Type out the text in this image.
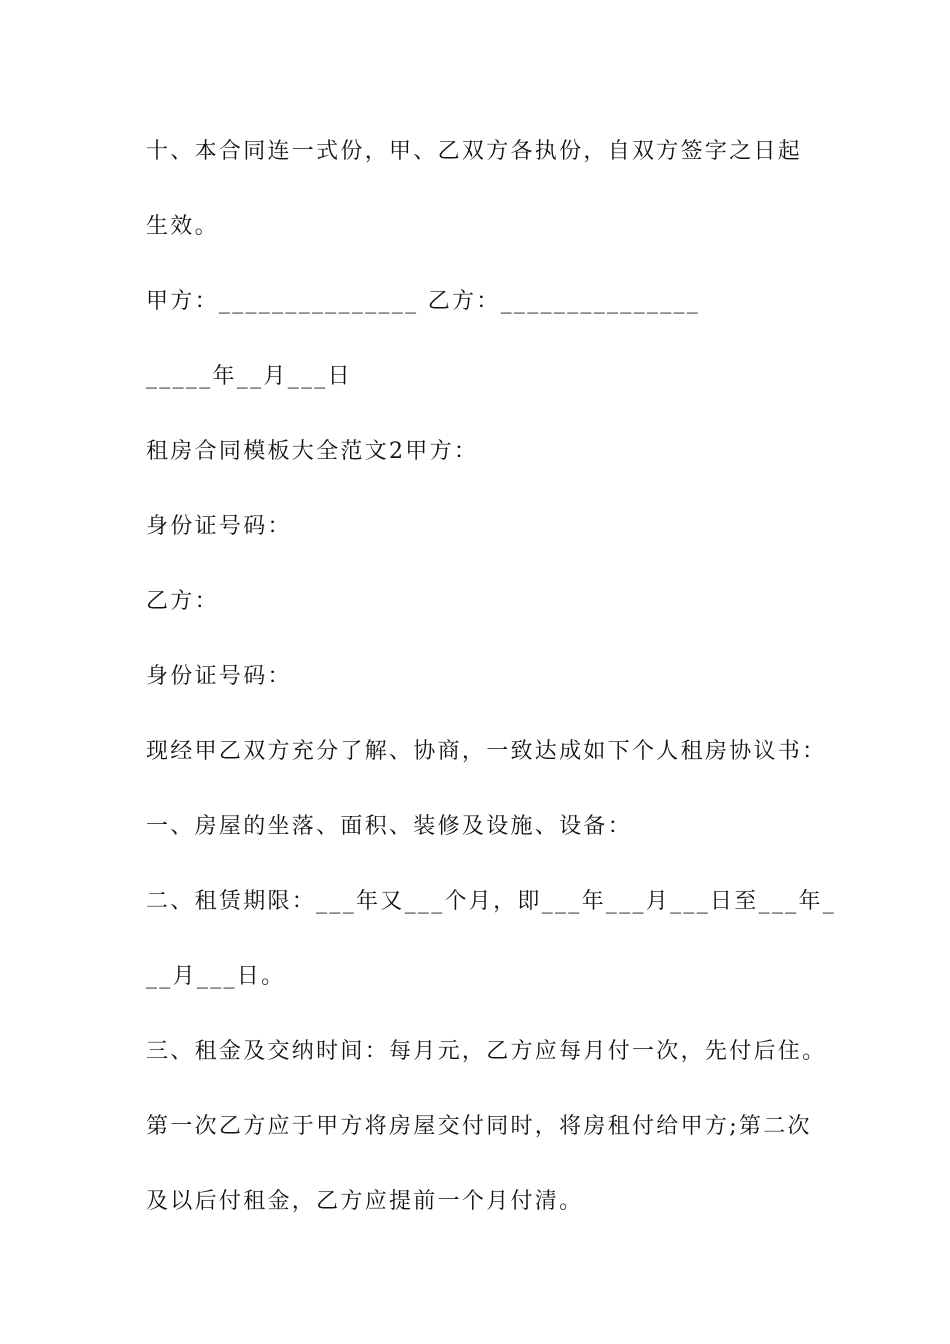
十、本合同连一式份，甲、乙双方各执份，自双方签字之日起
生效。
甲方：_______________ 乙方：_______________
_____年__月___日
租房合同模板大全范文2甲方：
身份证号码：
乙方：
身份证号码：
现经甲乙双方充分了解、协商，一致达成如下个人租房协议书：
一、房屋的坐落、面积、装修及设施、设备：
二、租赁期限：___年又___个月，即___年___月___日至___年_
__月___日。
三、租金及交纳时间：每月元，乙方应每月付一次，先付后住。
第一次乙方应于甲方将房屋交付同时，将房租付给甲方;第二次
及以后付租金，乙方应提前一个月付清。
